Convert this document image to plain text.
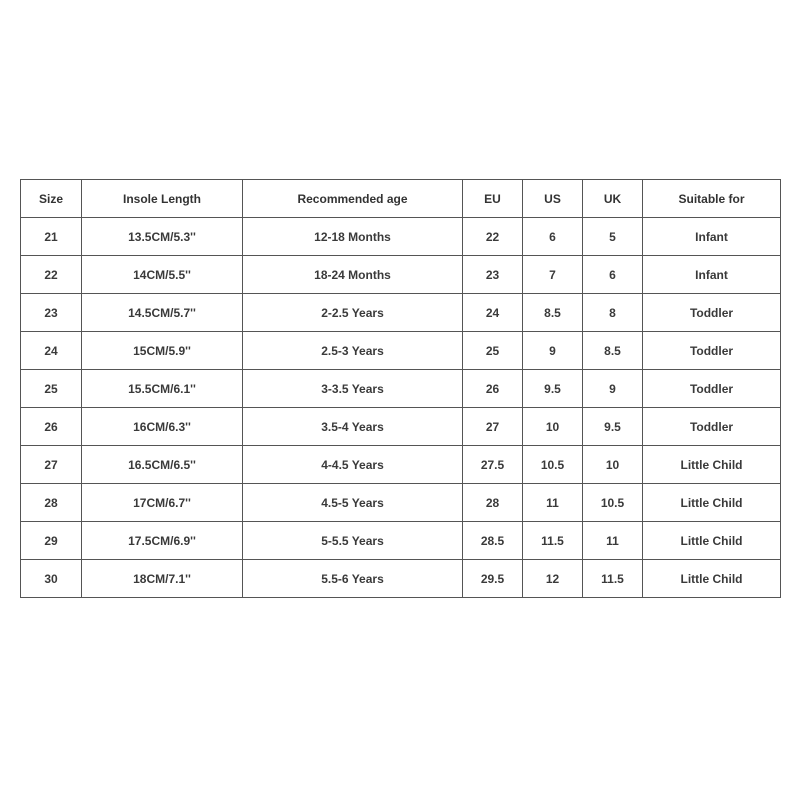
Size	Insole Length	Recommended age	EU	US	UK	Suitable for
21	13.5CM/5.3''	12-18 Months	22	6	5	Infant
22	14CM/5.5''	18-24 Months	23	7	6	Infant
23	14.5CM/5.7''	2-2.5 Years	24	8.5	8	Toddler
24	15CM/5.9''	2.5-3 Years	25	9	8.5	Toddler
25	15.5CM/6.1''	3-3.5 Years	26	9.5	9	Toddler
26	16CM/6.3''	3.5-4 Years	27	10	9.5	Toddler
27	16.5CM/6.5''	4-4.5 Years	27.5	10.5	10	Little Child
28	17CM/6.7''	4.5-5 Years	28	11	10.5	Little Child
29	17.5CM/6.9''	5-5.5 Years	28.5	11.5	11	Little Child
30	18CM/7.1''	5.5-6 Years	29.5	12	11.5	Little Child
